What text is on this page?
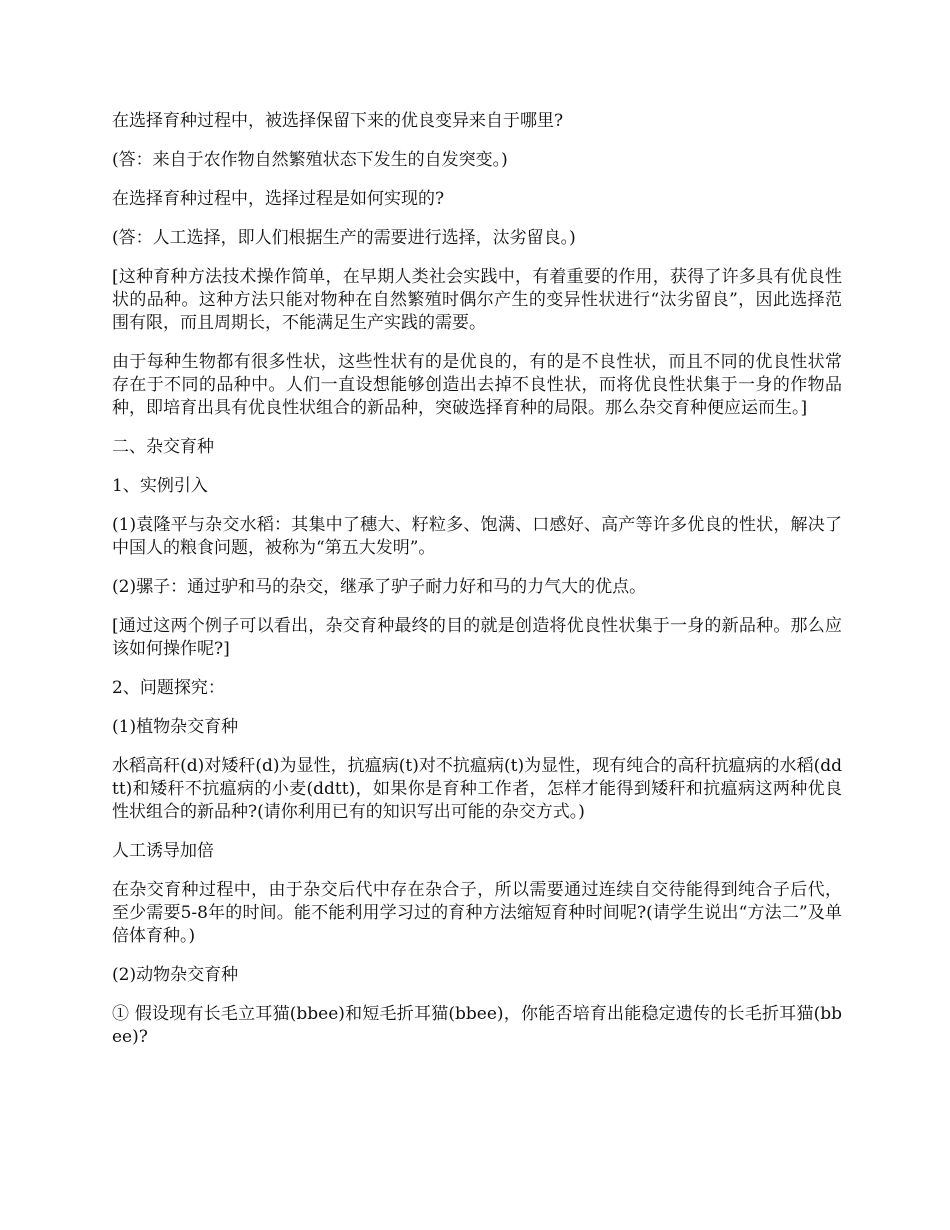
在选择育种过程中，被选择保留下来的优良变异来自于哪里?

(答：来自于农作物自然繁殖状态下发生的自发突变。)

在选择育种过程中，选择过程是如何实现的?

(答：人工选择，即人们根据生产的需要进行选择，汰劣留良。)

[这种育种方法技术操作简单，在早期人类社会实践中，有着重要的作用，获得了许多具有优良性状的品种。这种方法只能对物种在自然繁殖时偶尔产生的变异性状进行“汰劣留良”，因此选择范围有限，而且周期长，不能满足生产实践的需要。

由于每种生物都有很多性状，这些性状有的是优良的，有的是不良性状，而且不同的优良性状常存在于不同的品种中。人们一直设想能够创造出去掉不良性状，而将优良性状集于一身的作物品种，即培育出具有优良性状组合的新品种，突破选择育种的局限。那么杂交育种便应运而生。]

二、杂交育种

1、实例引入

(1)袁隆平与杂交水稻：其集中了穗大、籽粒多、饱满、口感好、高产等许多优良的性状，解决了中国人的粮食问题，被称为“第五大发明”。

(2)骡子：通过驴和马的杂交，继承了驴子耐力好和马的力气大的优点。

[通过这两个例子可以看出，杂交育种最终的目的就是创造将优良性状集于一身的新品种。那么应该如何操作呢?]

2、问题探究：

(1)植物杂交育种

水稻高秆(d)对矮秆(d)为显性，抗瘟病(t)对不抗瘟病(t)为显性，现有纯合的高秆抗瘟病的水稻(ddtt)和矮秆不抗瘟病的小麦(ddtt)，如果你是育种工作者，怎样才能得到矮秆和抗瘟病这两种优良性状组合的新品种?(请你利用已有的知识写出可能的杂交方式。)

人工诱导加倍

在杂交育种过程中，由于杂交后代中存在杂合子，所以需要通过连续自交待能得到纯合子后代，至少需要5-8年的时间。能不能利用学习过的育种方法缩短育种时间呢?(请学生说出“方法二”及单倍体育种。)

(2)动物杂交育种

① 假设现有长毛立耳猫(bbee)和短毛折耳猫(bbee)，你能否培育出能稳定遗传的长毛折耳猫(bbee)?
